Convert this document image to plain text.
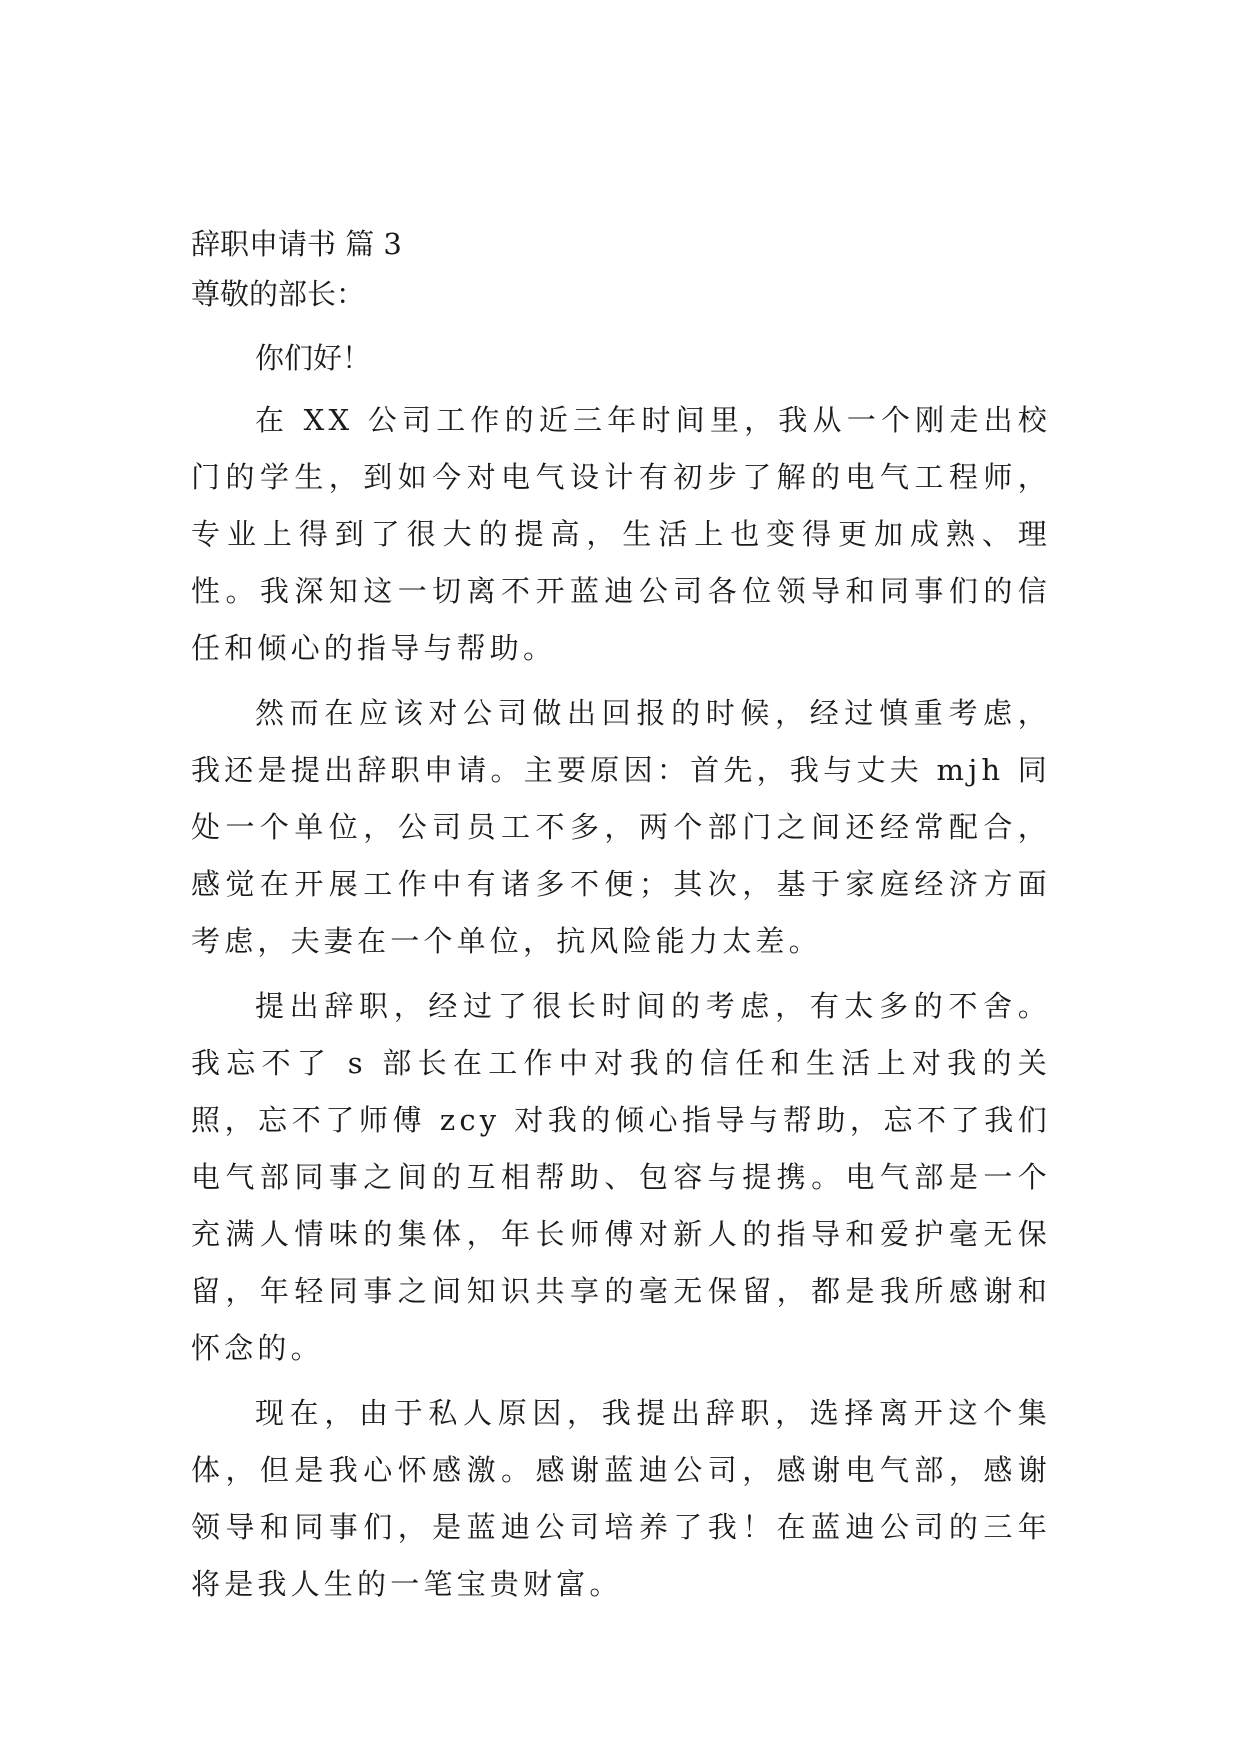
辞职申请书 篇 3
尊敬的部长：
你们好！

在 XX 公司工作的近三年时间里，我从一个刚走出校门的学生，到如今对电气设计有初步了解的电气工程师，专业上得到了很大的提高，生活上也变得更加成熟、理性。我深知这一切离不开蓝迪公司各位领导和同事们的信任和倾心的指导与帮助。

然而在应该对公司做出回报的时候，经过慎重考虑，我还是提出辞职申请。主要原因：首先，我与丈夫 mjh 同处一个单位，公司员工不多，两个部门之间还经常配合，感觉在开展工作中有诸多不便；其次，基于家庭经济方面考虑，夫妻在一个单位，抗风险能力太差。

提出辞职，经过了很长时间的考虑，有太多的不舍。我忘不了 s 部长在工作中对我的信任和生活上对我的关照，忘不了师傅 zcy 对我的倾心指导与帮助，忘不了我们电气部同事之间的互相帮助、包容与提携。电气部是一个充满人情味的集体，年长师傅对新人的指导和爱护毫无保留，年轻同事之间知识共享的毫无保留，都是我所感谢和怀念的。

现在，由于私人原因，我提出辞职，选择离开这个集体，但是我心怀感激。感谢蓝迪公司，感谢电气部，感谢领导和同事们，是蓝迪公司培养了我！在蓝迪公司的三年将是我人生的一笔宝贵财富。
